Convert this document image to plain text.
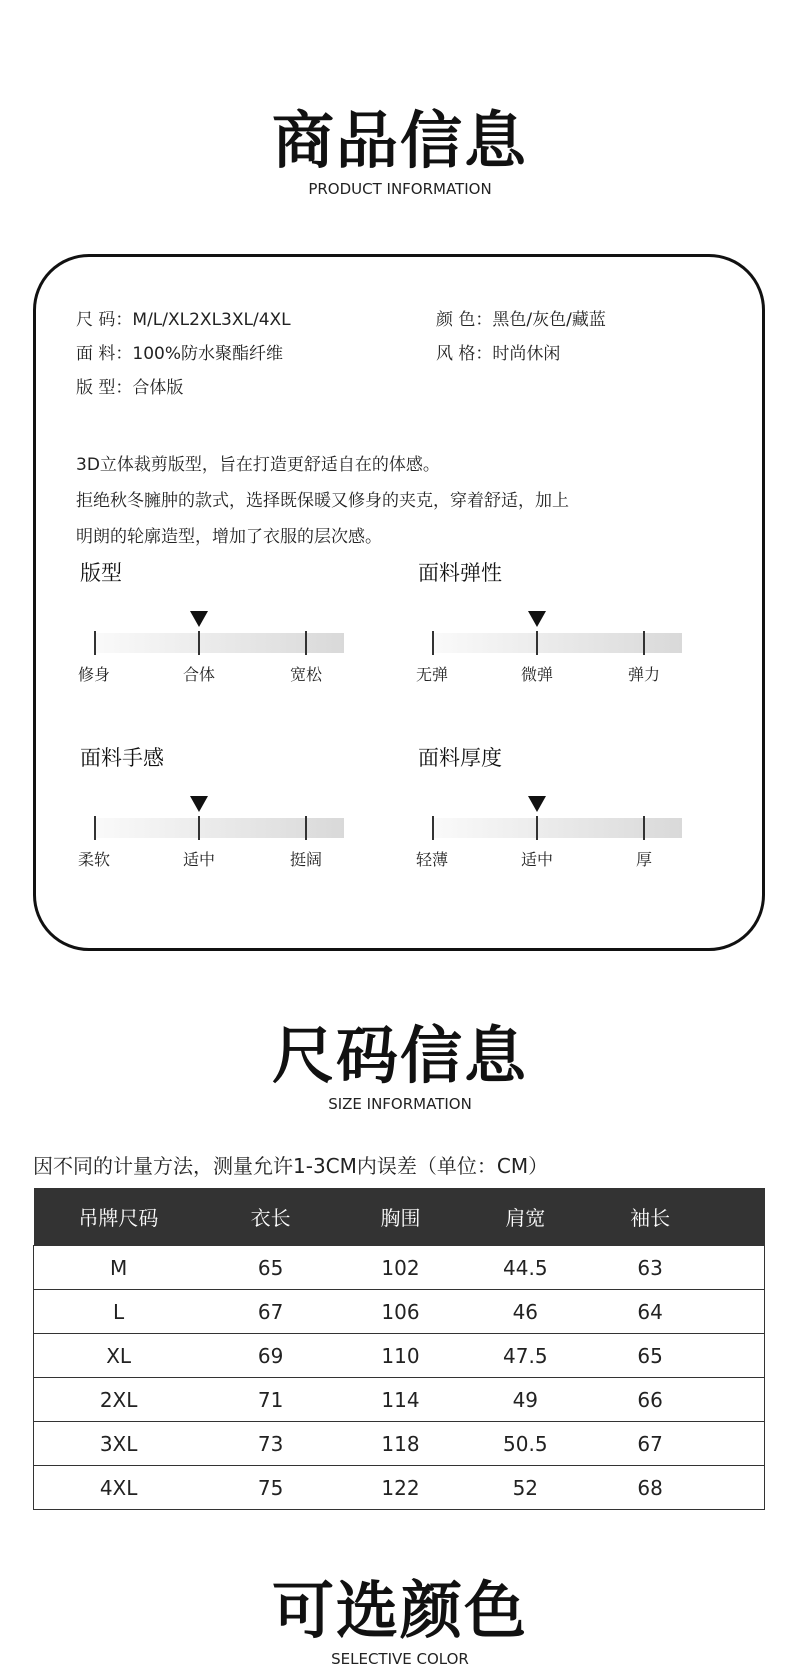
商品信息
PRODUCT INFORMATION
尺 码：M/L/XL2XL3XL/4XL	颜 色：黑色/灰色/藏蓝
面 料：100%防水聚酯纤维	风 格：时尚休闲
版 型：合体版
3D立体裁剪版型，旨在打造更舒适自在的体感。
拒绝秋冬臃肿的款式，选择既保暖又修身的夹克，穿着舒适，加上
明朗的轮廓造型，增加了衣服的层次感。
版型
修身	合体	宽松
面料弹性
无弹	微弹	弹力
面料手感
柔软	适中	挺阔
面料厚度
轻薄	适中	厚
尺码信息
SIZE INFORMATION
因不同的计量方法，测量允许1-3CM内误差（单位：CM）
吊牌尺码	衣长	胸围	肩宽	袖长	
M	65	102	44.5	63	
L	67	106	46	64	
XL	69	110	47.5	65	
2XL	71	114	49	66	
3XL	73	118	50.5	67	
4XL	75	122	52	68	
可选颜色
SELECTIVE COLOR
